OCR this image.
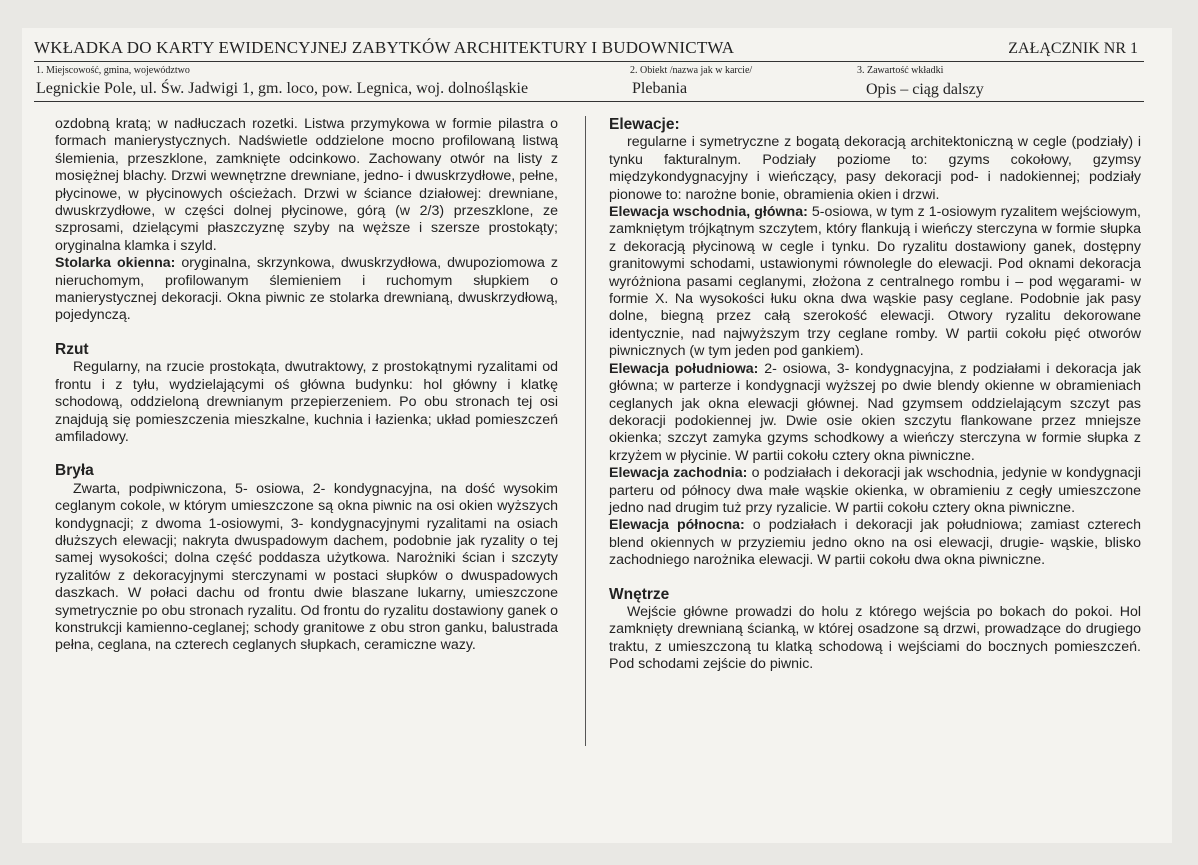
WKŁADKA DO KARTY EWIDENCYJNEJ ZABYTKÓW ARCHITEKTURY I BUDOWNICTWA	ZAŁĄCZNIK NR 1
1. Miejscowość, gmina, województwo	2. Obiekt /nazwa jak w karcie/	3. Zawartość wkładki
Legnickie Pole, ul. Św. Jadwigi 1, gm. loco, pow. Legnica, woj. dolnośląskie	Plebania	Opis – ciąg dalszy

ozdobną kratą; w nadłuczach rozetki. Listwa przymykowa w formie pilastra o formach manierystycznych. Nadświetle oddzielone mocno profilowaną listwą ślemienia, przeszklone, zamknięte odcinkowo. Zachowany otwór na listy z mosiężnej blachy. Drzwi wewnętrzne drewniane, jedno- i dwuskrzydłowe, pełne, płycinowe, w płycinowych ościeżach. Drzwi w ściance działowej: drewniane, dwuskrzydłowe, w części dolnej płycinowe, górą (w 2/3) przeszklone, ze szprosami, dzielącymi płaszczyznę szyby na węższe i szersze prostokąty; oryginalna klamka i szyld.

Stolarka okienna: oryginalna, skrzynkowa, dwuskrzydłowa, dwupoziomowa z nieruchomym, profilowanym ślemieniem i ruchomym słupkiem o manierystycznej dekoracji. Okna piwnic ze stolarka drewnianą, dwuskrzydłową, pojedynczą.

Rzut

Regularny, na rzucie prostokąta, dwutraktowy, z prostokątnymi ryzalitami od frontu i z tyłu, wydzielającymi oś główna budynku: hol główny i klatkę schodową, oddzieloną drewnianym przepierzeniem. Po obu stronach tej osi znajdują się pomieszczenia mieszkalne, kuchnia i łazienka; układ pomieszczeń amfiladowy.

Bryła

Zwarta, podpiwniczona, 5- osiowa, 2- kondygnacyjna, na dość wysokim ceglanym cokole, w którym umieszczone są okna piwnic na osi okien wyższych kondygnacji; z dwoma 1-osiowymi, 3- kondygnacyjnymi ryzalitami na osiach dłuższych elewacji; nakryta dwuspadowym dachem, podobnie jak ryzality o tej samej wysokości; dolna część poddasza użytkowa. Narożniki ścian i szczyty ryzalitów z dekoracyjnymi sterczynami w postaci słupków o dwuspadowych daszkach. W połaci dachu od frontu dwie blaszane lukarny, umieszczone symetrycznie po obu stronach ryzalitu. Od frontu do ryzalitu dostawiony ganek o konstrukcji kamienno-ceglanej; schody granitowe z obu stron ganku, balustrada pełna, ceglana, na czterech ceglanych słupkach, ceramiczne wazy.

Elewacje:

regularne i symetryczne z bogatą dekoracją architektoniczną w cegle (podziały) i tynku fakturalnym. Podziały poziome to: gzyms cokołowy, gzymsy międzykondygnacyjny i wieńczący, pasy dekoracji pod- i nadokiennej; podziały pionowe to: narożne bonie, obramienia okien i drzwi.

Elewacja wschodnia, główna: 5-osiowa, w tym z 1-osiowym ryzalitem wejściowym, zamkniętym trójkątnym szczytem, który flankują i wieńczy sterczyna w formie słupka z dekoracją płycinową w cegle i tynku. Do ryzalitu dostawiony ganek, dostępny granitowymi schodami, ustawionymi równolegle do elewacji. Pod oknami dekoracja wyróżniona pasami ceglanymi, złożona z centralnego rombu i – pod węgarami- w formie X. Na wysokości łuku okna dwa wąskie pasy ceglane. Podobnie jak pasy dolne, biegną przez całą szerokość elewacji. Otwory ryzalitu dekorowane identycznie, nad najwyższym trzy ceglane romby. W partii cokołu pięć otworów piwnicznych (w tym jeden pod gankiem).

Elewacja południowa: 2- osiowa, 3- kondygnacyjna, z podziałami i dekoracja jak główna; w parterze i kondygnacji wyższej po dwie blendy okienne w obramieniach ceglanych jak okna elewacji głównej. Nad gzymsem oddzielającym szczyt pas dekoracji podokiennej jw. Dwie osie okien szczytu flankowane przez mniejsze okienka; szczyt zamyka gzyms schodkowy a wieńczy sterczyna w formie słupka z krzyżem w płycinie. W partii cokołu cztery okna piwniczne.

Elewacja zachodnia: o podziałach i dekoracji jak wschodnia, jedynie w kondygnacji parteru od północy dwa małe wąskie okienka, w obramieniu z cegły umieszczone jedno nad drugim tuż przy ryzalicie. W partii cokołu cztery okna piwniczne.

Elewacja północna: o podziałach i dekoracji jak południowa; zamiast czterech blend okiennych w przyziemiu jedno okno na osi elewacji, drugie- wąskie, blisko zachodniego narożnika elewacji. W partii cokołu dwa okna piwniczne.

Wnętrze

Wejście główne prowadzi do holu z którego wejścia po bokach do pokoi. Hol zamknięty drewnianą ścianką, w której osadzone są drzwi, prowadzące do drugiego traktu, z umieszczoną tu klatką schodową i wejściami do bocznych pomieszczeń. Pod schodami zejście do piwnic.
